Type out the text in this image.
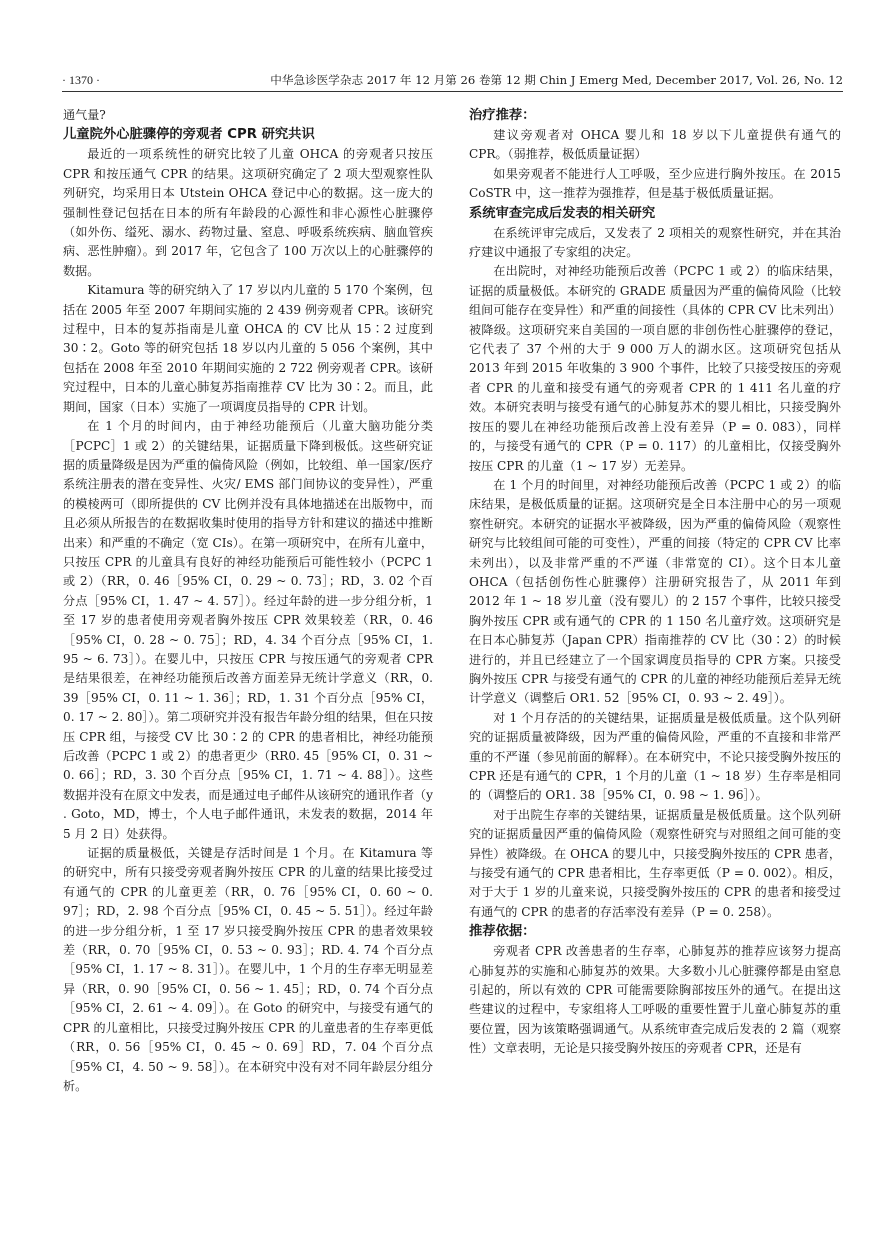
· 1370 ·	中华急诊医学杂志 2017 年 12 月第 26 卷第 12 期 Chin J Emerg Med, December 2017, Vol. 26, No. 12

通气量?

儿童院外心脏骤停的旁观者 CPR 研究共识

最近的一项系统性的研究比较了儿童 OHCA 的旁观者只按压 CPR 和按压通气 CPR 的结果。这项研究确定了 2 项大型观察性队列研究，均采用日本 Utstein OHCA 登记中心的数据。这一庞大的强制性登记包括在日本的所有年龄段的心源性和非心源性心脏骤停（如外伤、缢死、溺水、药物过量、窒息、呼吸系统疾病、脑血管疾病、恶性肿瘤）。到 2017 年，它包含了 100 万次以上的心脏骤停的数据。

Kitamura 等的研究纳入了 17 岁以内儿童的 5 170 个案例，包括在 2005 年至 2007 年期间实施的 2 439 例旁观者 CPR。该研究过程中，日本的复苏指南是儿童 OHCA 的 CV 比从 15∶2 过度到 30∶2。Goto 等的研究包括 18 岁以内儿童的 5 056 个案例，其中包括在 2008 年至 2010 年期间实施的 2 722 例旁观者 CPR。该研究过程中，日本的儿童心肺复苏指南推荐 CV 比为 30∶2。而且，此期间，国家（日本）实施了一项调度员指导的 CPR 计划。

在 1 个月的时间内，由于神经功能预后（儿童大脑功能分类［PCPC］1 或 2）的关键结果，证据质量下降到极低。这些研究证据的质量降级是因为严重的偏倚风险（例如，比较组、单一国家/医疗系统注册表的潜在变异性、火灾/ EMS 部门间协议的变异性），严重的模棱两可（即所提供的 CV 比例并没有具体地描述在出版物中，而且必须从所报告的在数据收集时使用的指导方针和建议的描述中推断出来）和严重的不确定（宽 CIs）。在第一项研究中，在所有儿童中，只按压 CPR 的儿童具有良好的神经功能预后可能性较小（PCPC 1 或 2）（RR，0. 46［95% CI，0. 29 ~ 0. 73］；RD，3. 02 个百分点［95% CI，1. 47 ~ 4. 57］）。经过年龄的进一步分组分析，1 至 17 岁的患者使用旁观者胸外按压 CPR 效果较差（RR，0. 46［95% CI，0. 28 ~ 0. 75］；RD，4. 34 个百分点［95% CI，1. 95 ~ 6. 73］）。在婴儿中，只按压 CPR 与按压通气的旁观者 CPR 是结果很差，在神经功能预后改善方面差异无统计学意义（RR，0. 39［95% CI，0. 11 ~ 1. 36］；RD，1. 31 个百分点［95% CI，0. 17 ~ 2. 80］）。第二项研究并没有报告年龄分组的结果，但在只按压 CPR 组，与接受 CV 比 30∶2 的 CPR 的患者相比，神经功能预后改善（PCPC 1 或 2）的患者更少（RR0. 45［95% CI，0. 31 ~ 0. 66］；RD，3. 30 个百分点［95% CI，1. 71 ~ 4. 88］）。这些数据并没有在原文中发表，而是通过电子邮件从该研究的通讯作者（y . Goto，MD，博士，个人电子邮件通讯，未发表的数据，2014 年 5 月 2 日）处获得。

证据的质量极低，关键是存活时间是 1 个月。在 Kitamura 等的研究中，所有只接受旁观者胸外按压 CPR 的儿童的结果比接受过有通气的 CPR 的儿童更差（RR，0. 76［95% CI，0. 60 ~ 0. 97］；RD，2. 98 个百分点［95% CI，0. 45 ~ 5. 51］）。经过年龄的进一步分组分析，1 至 17 岁只接受胸外按压 CPR 的患者效果较差（RR，0. 70［95% CI，0. 53 ~ 0. 93］；RD. 4. 74 个百分点［95% CI，1. 17 ~ 8. 31］）。在婴儿中，1 个月的生存率无明显差异（RR，0. 90［95% CI，0. 56 ~ 1. 45］；RD，0. 74 个百分点［95% CI，2. 61 ~ 4. 09］）。在 Goto 的研究中，与接受有通气的 CPR 的儿童相比，只接受过胸外按压 CPR 的儿童患者的生存率更低（RR，0. 56［95% CI，0. 45 ~ 0. 69］RD，7. 04 个百分点［95% CI，4. 50 ~ 9. 58］）。在本研究中没有对不同年龄层分组分析。

治疗推荐：

建议旁观者对 OHCA 婴儿和 18 岁以下儿童提供有通气的 CPR。（弱推荐，极低质量证据）

如果旁观者不能进行人工呼吸，至少应进行胸外按压。在 2015 CoSTR 中，这一推荐为强推荐，但是基于极低质量证据。

系统审查完成后发表的相关研究

在系统评审完成后，又发表了 2 项相关的观察性研究，并在其治疗建议中通报了专家组的决定。

在出院时，对神经功能预后改善（PCPC 1 或 2）的临床结果，证据的质量极低。本研究的 GRADE 质量因为严重的偏倚风险（比较组间可能存在变异性）和严重的间接性（具体的 CPR CV 比未列出）被降级。这项研究来自美国的一项自愿的非创伤性心脏骤停的登记，它代表了 37 个州的大于 9 000 万人的湖水区。这项研究包括从 2013 年到 2015 年收集的 3 900 个事件，比较了只接受按压的旁观者 CPR 的儿童和接受有通气的旁观者 CPR 的 1 411 名儿童的疗效。本研究表明与接受有通气的心肺复苏术的婴儿相比，只接受胸外按压的婴儿在神经功能预后改善上没有差异（P = 0. 083），同样的，与接受有通气的 CPR（P = 0. 117）的儿童相比，仅接受胸外按压 CPR 的儿童（1 ~ 17 岁）无差异。

在 1 个月的时间里，对神经功能预后改善（PCPC 1 或 2）的临床结果，是极低质量的证据。这项研究是全日本注册中心的另一项观察性研究。本研究的证据水平被降级，因为严重的偏倚风险（观察性研究与比较组间可能的可变性），严重的间接（特定的 CPR CV 比率未列出），以及非常严重的不严谨（非常宽的 CI）。这个日本儿童 OHCA（包括创伤性心脏骤停）注册研究报告了，从 2011 年到 2012 年 1 ~ 18 岁儿童（没有婴儿）的 2 157 个事件，比较只接受胸外按压 CPR 或有通气的 CPR 的 1 150 名儿童疗效。这项研究是在日本心肺复苏（Japan CPR）指南推荐的 CV 比（30∶2）的时候进行的，并且已经建立了一个国家调度员指导的 CPR 方案。只接受胸外按压 CPR 与接受有通气的 CPR 的儿童的神经功能预后差异无统计学意义（调整后 OR1. 52［95% CI，0. 93 ~ 2. 49］）。

对 1 个月存活的的关键结果，证据质量是极低质量。这个队列研究的证据质量被降级，因为严重的偏倚风险，严重的不直接和非常严重的不严谨（参见前面的解释）。在本研究中，不论只接受胸外按压的 CPR 还是有通气的 CPR，1 个月的儿童（1 ~ 18 岁）生存率是相同的（调整后的 OR1. 38［95% CI，0. 98 ~ 1. 96］）。

对于出院生存率的关键结果，证据质量是极低质量。这个队列研究的证据质量因严重的偏倚风险（观察性研究与对照组之间可能的变异性）被降级。在 OHCA 的婴儿中，只接受胸外按压的 CPR 患者，与接受有通气的 CPR 患者相比，生存率更低（P = 0. 002）。相反，对于大于 1 岁的儿童来说，只接受胸外按压的 CPR 的患者和接受过有通气的 CPR 的患者的存活率没有差异（P = 0. 258）。

推荐依据：

旁观者 CPR 改善患者的生存率，心肺复苏的推荐应该努力提高心肺复苏的实施和心肺复苏的效果。大多数小儿心脏骤停都是由窒息引起的，所以有效的 CPR 可能需要除胸部按压外的通气。在提出这些建议的过程中，专家组将人工呼吸的重要性置于儿童心肺复苏的重要位置，因为该策略强调通气。从系统审查完成后发表的 2 篇（观察性）文章表明，无论是只接受胸外按压的旁观者 CPR，还是有
